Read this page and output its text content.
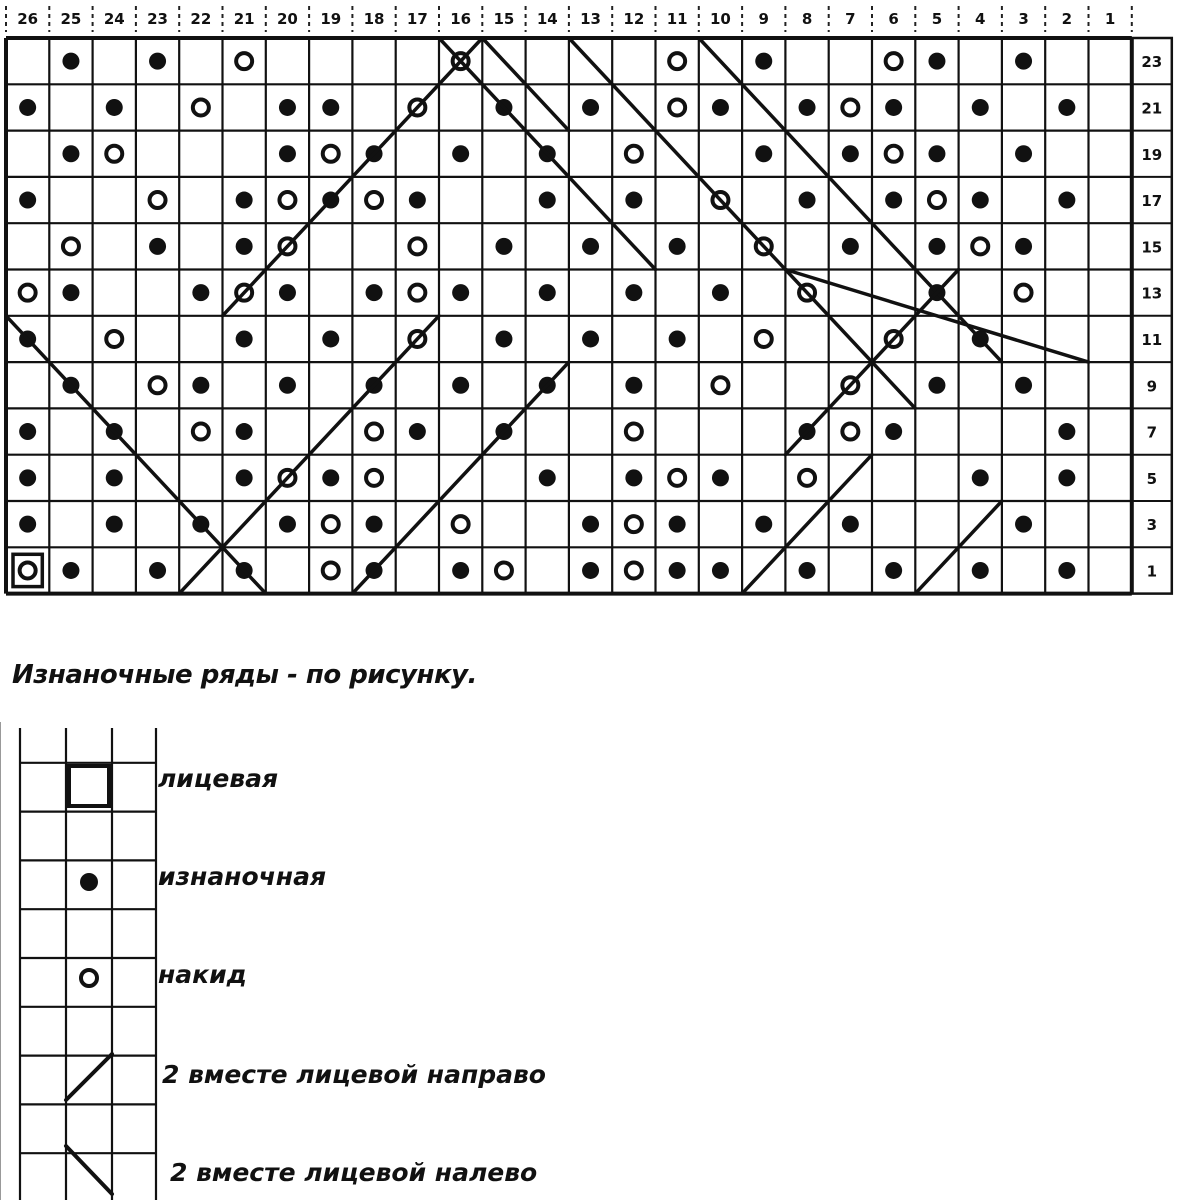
26 25 24 23 22 21 20 19 18 17 16 15 14 13 12 11 10 9 8 7 6 5 4 3 2 1
23
21
19
17
15
13
11
9
7
5
3
1

Изнаночные ряды - по рисунку.

лицевая
изнаночная
накид
2 вместе лицевой направо
2 вместе лицевой налево
